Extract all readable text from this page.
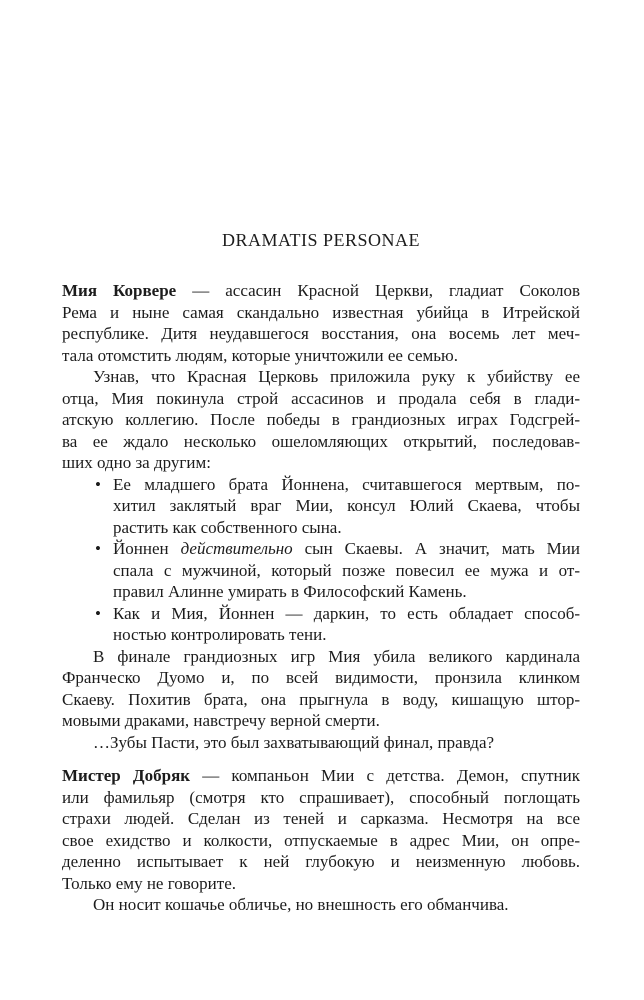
DRAMATIS PERSONAE
Мия Корвере — ассасин Красной Церкви, гладиат Соколов
Рема и ныне самая скандально известная убийца в Итрейской
республике. Дитя неудавшегося восстания, она восемь лет меч-
тала отомстить людям, которые уничтожили ее семью.
Узнав, что Красная Церковь приложила руку к убийству ее
отца, Мия покинула строй ассасинов и продала себя в глади-
атскую коллегию. После победы в грандиозных играх Годсгрей-
ва ее ждало несколько ошеломляющих открытий, последовав-
ших одно за другим:
• Ее младшего брата Йоннена, считавшегося мертвым, по-
хитил заклятый враг Мии, консул Юлий Скаева, чтобы
растить как собственного сына.
• Йоннен действительно сын Скаевы. А значит, мать Мии
спала с мужчиной, который позже повесил ее мужа и от-
правил Алинне умирать в Философский Камень.
• Как и Мия, Йоннен — даркин, то есть обладает способ-
ностью контролировать тени.
В финале грандиозных игр Мия убила великого кардинала
Франческо Дуомо и, по всей видимости, пронзила клинком
Скаеву. Похитив брата, она прыгнула в воду, кишащую штор-
мовыми драками, навстречу верной смерти.
…Зубы Пасти, это был захватывающий финал, правда?
Мистер Добряк — компаньон Мии с детства. Демон, спутник
или фамильяр (смотря кто спрашивает), способный поглощать
страхи людей. Сделан из теней и сарказма. Несмотря на все
свое ехидство и колкости, отпускаемые в адрес Мии, он опре-
деленно испытывает к ней глубокую и неизменную любовь.
Только ему не говорите.
Он носит кошачье обличье, но внешность его обманчива.
